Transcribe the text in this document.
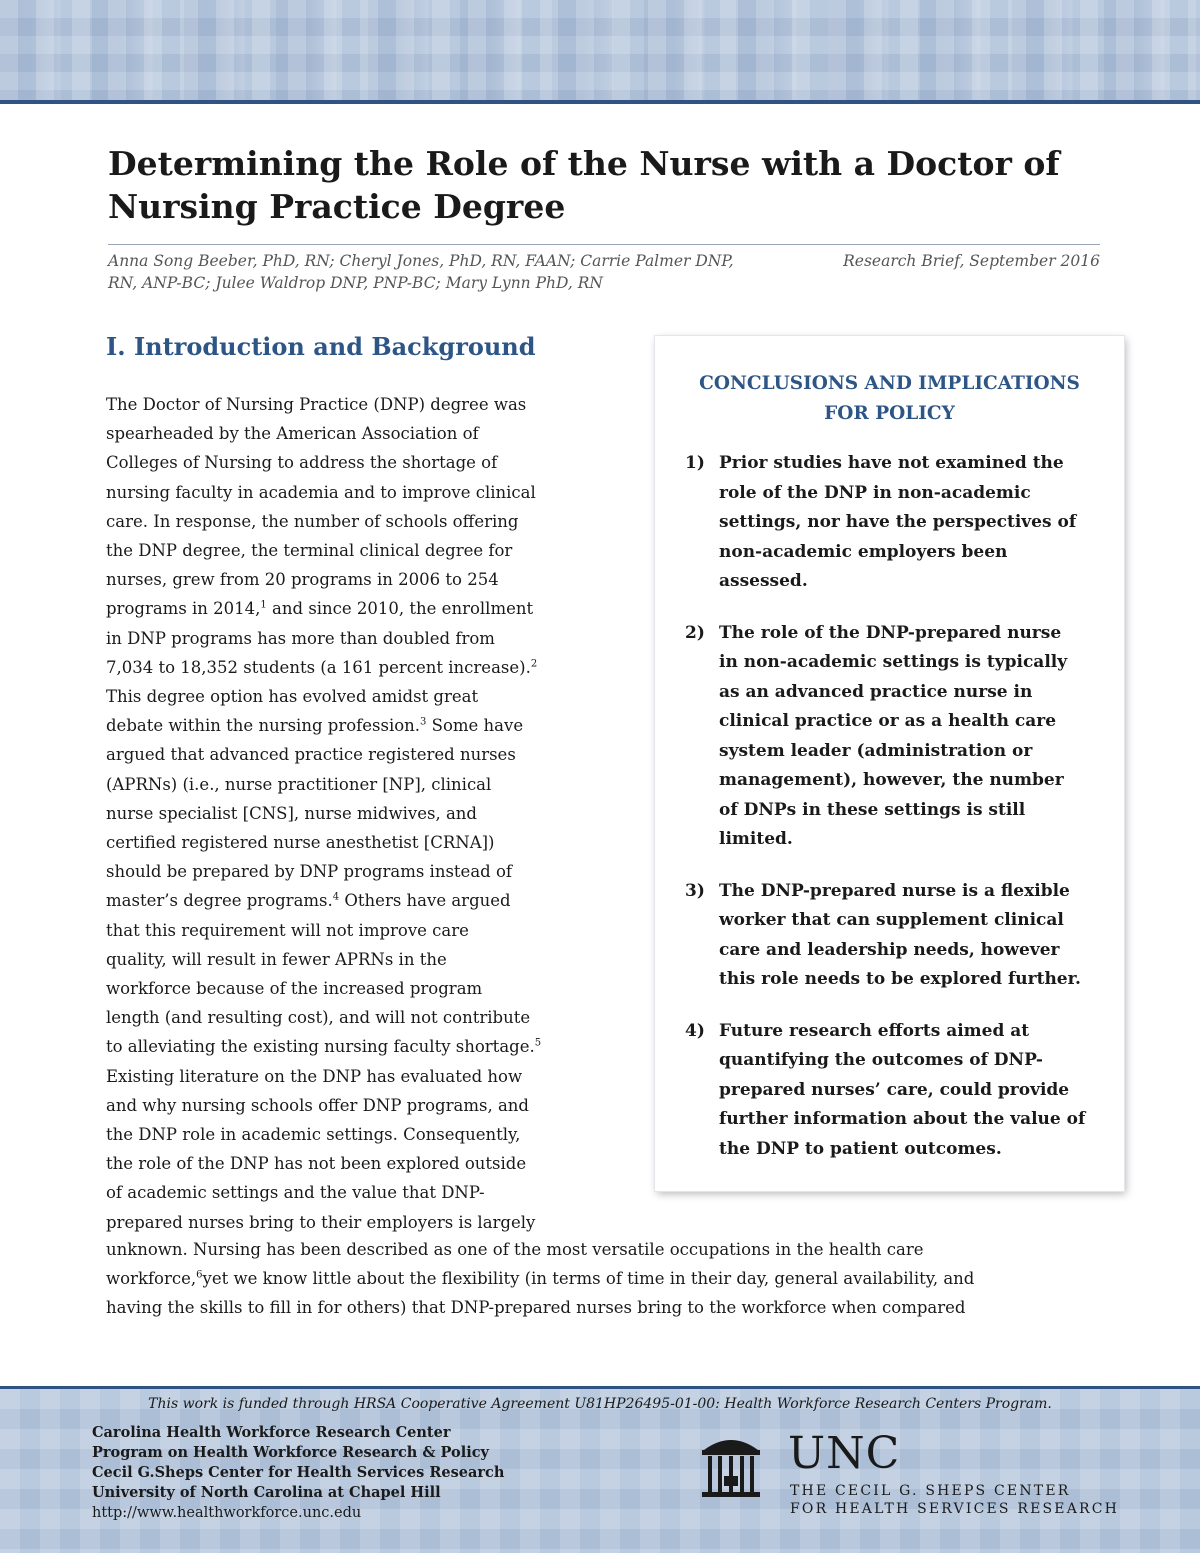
Determining the Role of the Nurse with a Doctor of
Nursing Practice Degree
Anna Song Beeber, PhD, RN; Cheryl Jones, PhD, RN, FAAN; Carrie Palmer DNP,
RN, ANP-BC; Julee Waldrop DNP, PNP-BC; Mary Lynn PhD, RN
Research Brief, September 2016
I. Introduction and Background
The Doctor of Nursing Practice (DNP) degree was
spearheaded by the American Association of
Colleges of Nursing to address the shortage of
nursing faculty in academia and to improve clinical
care. In response, the number of schools offering
the DNP degree, the terminal clinical degree for
nurses, grew from 20 programs in 2006 to 254
programs in 2014,$^1$ and since 2010, the enrollment
in DNP programs has more than doubled from
7,034 to 18,352 students (a 161 percent increase).$^2$
This degree option has evolved amidst great
debate within the nursing profession.$^3$ Some have
argued that advanced practice registered nurses
(APRNs) (i.e., nurse practitioner [NP], clinical
nurse specialist [CNS], nurse midwives, and
certified registered nurse anesthetist [CRNA])
should be prepared by DNP programs instead of
master’s degree programs.$^4$ Others have argued
that this requirement will not improve care
quality, will result in fewer APRNs in the
workforce because of the increased program
length (and resulting cost), and will not contribute
to alleviating the existing nursing faculty shortage.$^5$
Existing literature on the DNP has evaluated how
and why nursing schools offer DNP programs, and
the DNP role in academic settings. Consequently,
the role of the DNP has not been explored outside
of academic settings and the value that DNP-
prepared nurses bring to their employers is largely
unknown. Nursing has been described as one of the most versatile occupations in the health care
workforce,$^6$yet we know little about the flexibility (in terms of time in their day, general availability, and
having the skills to fill in for others) that DNP-prepared nurses bring to the workforce when compared
CONCLUSIONS AND IMPLICATIONS
FOR POLICY
1) Prior studies have not examined the
role of the DNP in non-academic
settings, nor have the perspectives of
non-academic employers been
assessed.
2) The role of the DNP-prepared nurse
in non-academic settings is typically
as an advanced practice nurse in
clinical practice or as a health care
system leader (administration or
management), however, the number
of DNPs in these settings is still
limited.
3) The DNP-prepared nurse is a flexible
worker that can supplement clinical
care and leadership needs, however
this role needs to be explored further.
4) Future research efforts aimed at
quantifying the outcomes of DNP-
prepared nurses’ care, could provide
further information about the value of
the DNP to patient outcomes.
This work is funded through HRSA Cooperative Agreement U81HP26495-01-00: Health Workforce Research Centers Program.
Carolina Health Workforce Research Center
Program on Health Workforce Research & Policy
Cecil G.Sheps Center for Health Services Research
University of North Carolina at Chapel Hill
http://www.healthworkforce.unc.edu
UNC
THE CECIL G. SHEPS CENTER
FOR HEALTH SERVICES RESEARCH
